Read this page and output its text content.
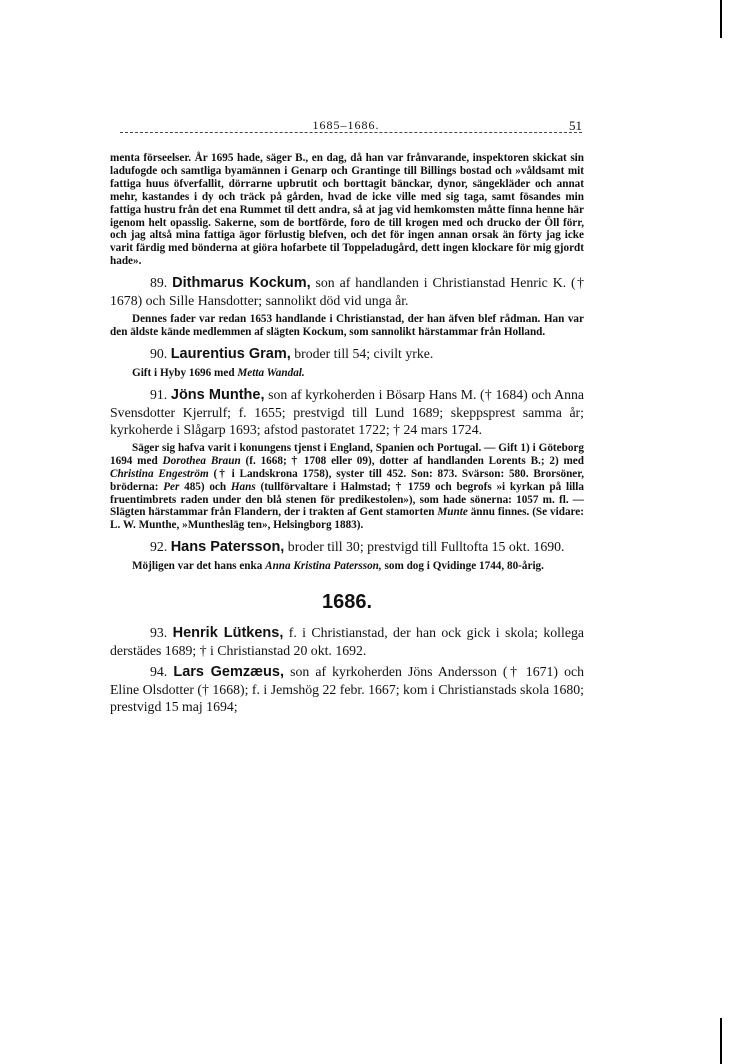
1685–1686.	51

menta förseelser. År 1695 hade, säger B., en dag, då han var frånvarande, inspektoren skickat sin ladufogde och samtliga byamännen i Genarp och Grantinge till Billings bostad och »våldsamt mit fattiga huus öfverfallit, dörrarne upbrutit och borttagit bänckar, dynor, sängekläder och annat mehr, kastandes i dy och träck på gården, hvad de icke ville med sig taga, samt fösandes min fattiga hustru från det ena Rummet til dett andra, så at jag vid hemkomsten måtte finna henne här igenom helt opasslig. Sakerne, som de bortförde, foro de till krogen med och drucko der Öll förr, och jag altså mina fattiga ägor förlustig blefven, och det för ingen annan orsak än förty jag icke varit färdig med bönderna at giöra hofarbete til Toppeladugård, dett ingen klockare för mig gjordt hade».

89. Dithmarus Kockum, son af handlanden i Christianstad Henric K. († 1678) och Sille Hansdotter; sannolikt död vid unga år.

Dennes fader var redan 1653 handlande i Christianstad, der han äfven blef rådman. Han var den äldste kände medlemmen af slägten Kockum, som sannolikt härstammar från Holland.

90. Laurentius Gram, broder till 54; civilt yrke.

Gift i Hyby 1696 med Metta Wandal.

91. Jöns Munthe, son af kyrkoherden i Bösarp Hans M. († 1684) och Anna Svensdotter Kjerrulf; f. 1655; prestvigd till Lund 1689; skeppsprest samma år; kyrkoherde i Slågarp 1693; afstod pastoratet 1722; † 24 mars 1724.

Säger sig hafva varit i konungens tjenst i England, Spanien och Portugal. — Gift 1) i Göteborg 1694 med Dorothea Braun (f. 1668; † 1708 eller 09), dotter af handlanden Lorents B.; 2) med Christina Engeström († i Landskrona 1758), syster till 452. Son: 873. Svärson: 580. Brorsöner, bröderna: Per 485) och Hans (tullförvaltare i Halmstad; † 1759 och begrofs »i kyrkan på lilla fruentimbrets raden under den blå stenen för predikestolen»), som hade sönerna: 1057 m. fl. — Slägten härstammar från Flandern, der i trakten af Gent stamorten Munte ännu finnes. (Se vidare: L. W. Munthe, »Munthesläg ten», Helsingborg 1883).

92. Hans Patersson, broder till 30; prestvigd till Fulltofta 15 okt. 1690.

Möjligen var det hans enka Anna Kristina Patersson, som dog i Qvidinge 1744, 80-årig.

1686.

93. Henrik Lütkens, f. i Christianstad, der han ock gick i skola; kollega derstädes 1689; † i Christianstad 20 okt. 1692.

94. Lars Gemzæus, son af kyrkoherden Jöns Andersson († 1671) och Eline Olsdotter († 1668); f. i Jemshög 22 febr. 1667; kom i Christianstads skola 1680; prestvigd 15 maj 1694;
